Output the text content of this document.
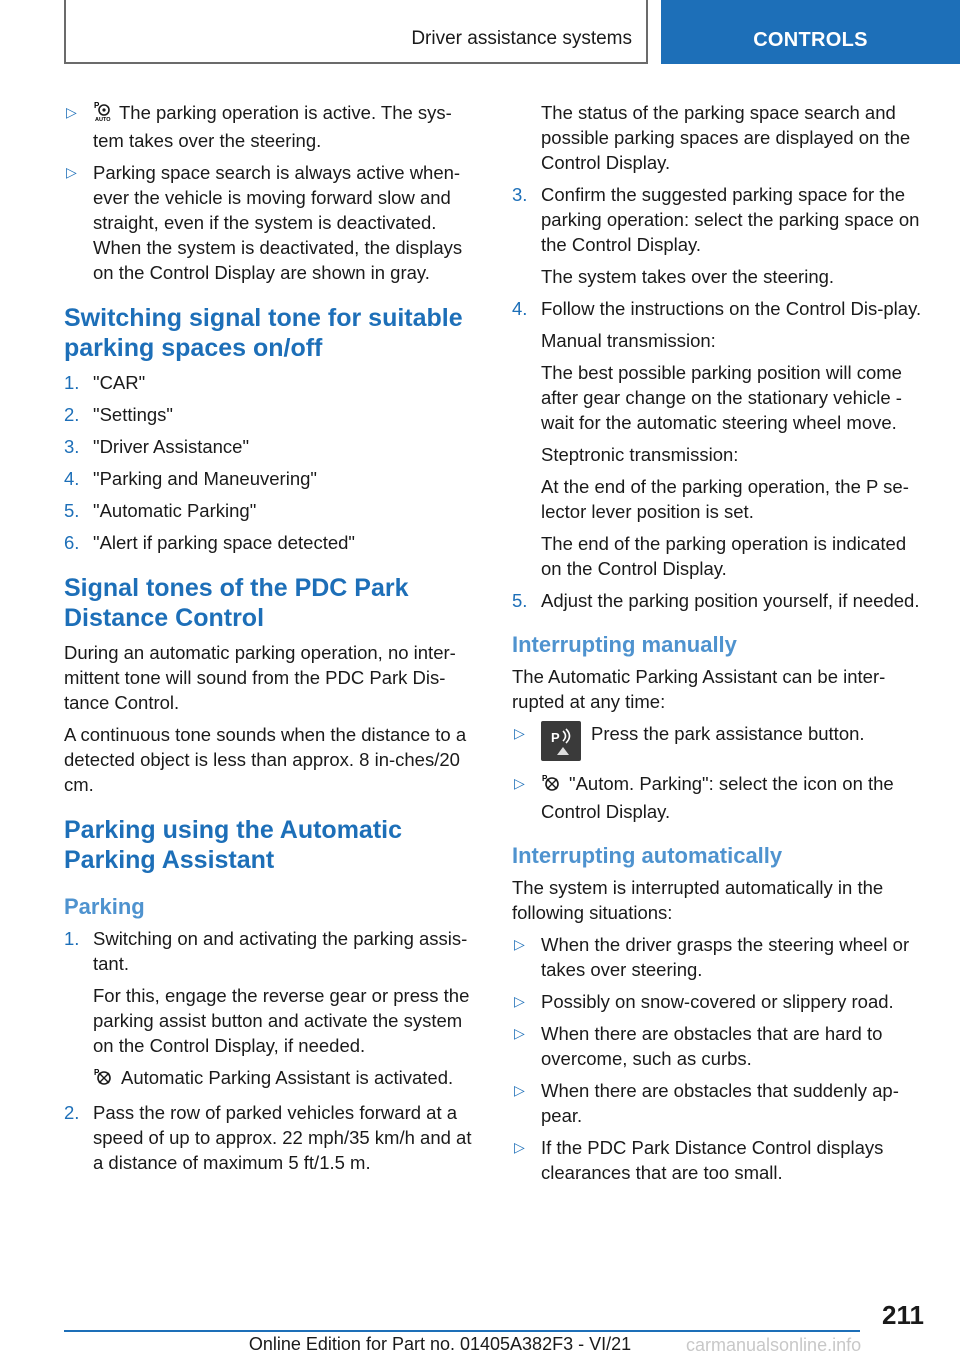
Driver assistance systems	CONTROLS
▷ P
AUTO The parking operation is active. The sys-tem takes over the steering.
▷ Parking space search is always active when-ever the vehicle is moving forward slow and straight, even if the system is deactivated. When the system is deactivated, the displays on the Control Display are shown in gray.
Switching signal tone for suitable parking spaces on/off
1. "CAR"
2. "Settings"
3. "Driver Assistance"
4. "Parking and Maneuvering"
5. "Automatic Parking"
6. "Alert if parking space detected"
Signal tones of the PDC Park Distance Control

During an automatic parking operation, no inter-mittent tone will sound from the PDC Park Dis-tance Control.

A continuous tone sounds when the distance to a detected object is less than approx. 8 in-ches/20 cm.

Parking using the Automatic Parking Assistant
Parking
1. Switching on and activating the parking assis-tant.

For this, engage the reverse gear or press the parking assist button and activate the system on the Control Display, if needed.

P Automatic Parking Assistant is activated.

2. Pass the row of parked vehicles forward at a speed of up to approx. 22 mph/35 km/h and at a distance of maximum 5 ft/1.5 m.

The status of the parking space search and possible parking spaces are displayed on the Control Display.

3. Confirm the suggested parking space for the parking operation: select the parking space on the Control Display.

The system takes over the steering.

4. Follow the instructions on the Control Dis-play.

Manual transmission:

The best possible parking position will come after gear change on the stationary vehicle - wait for the automatic steering wheel move.

Steptronic transmission:

At the end of the parking operation, the P se-lector lever position is set.

The end of the parking operation is indicated on the Control Display.

5. Adjust the parking position yourself, if needed.

Interrupting manually

The Automatic Parking Assistant can be inter-rupted at any time:

▷ P Press the park assistance button.
▷ P "Autom. Parking": select the icon on the Control Display.
Interrupting automatically

The system is interrupted automatically in the following situations:

▷ When the driver grasps the steering wheel or takes over steering.
▷ Possibly on snow-covered or slippery road.
▷ When there are obstacles that are hard to overcome, such as curbs.
▷ When there are obstacles that suddenly ap-pear.
▷ If the PDC Park Distance Control displays clearances that are too small.
211
Online Edition for Part no. 01405A382F3 - VI/21	carmanualsonline.info
